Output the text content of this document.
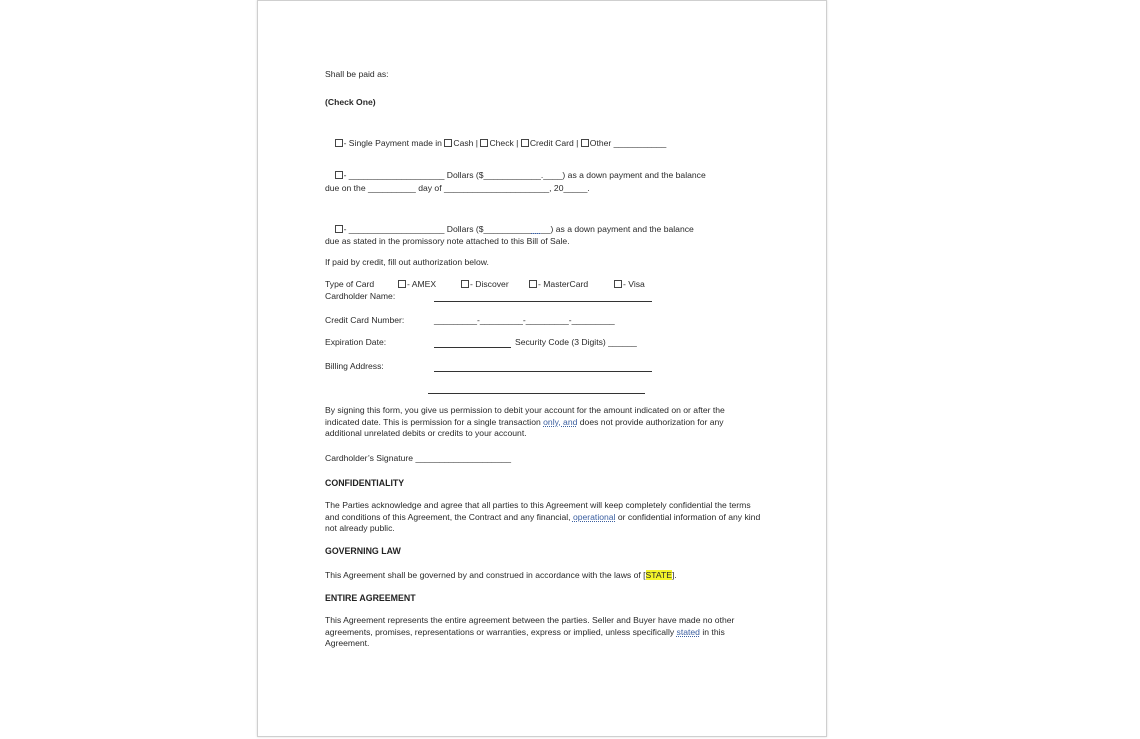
Shall be paid as:
(Check One)

- Single Payment made in Cash | Check | Credit Card | Other ___________

- ____________________ Dollars ($____________.____) as a down payment and the balance

due on the __________ day of ______________________, 20_____.

- ____________________ Dollars ($______________) as a down payment and the balance

due as stated in the promissory note attached to this Bill of Sale.
If paid by credit, fill out authorization below.
Type of Card	- AMEX	- Discover	- MasterCard	- Visa
Cardholder Name:
Credit Card Number:	_________-_________-_________-_________
Expiration Date:	Security Code (3 Digits) ______
Billing Address:
By signing this form, you give us permission to debit your account for the amount indicated on or after the indicated date. This is permission for a single transaction only, and does not provide authorization for any additional unrelated debits or credits to your account.
Cardholder’s Signature ____________________
CONFIDENTIALITY
The Parties acknowledge and agree that all parties to this Agreement will keep completely confidential the terms and conditions of this Agreement, the Contract and any financial, operational or confidential information of any kind not already public.
GOVERNING LAW
This Agreement shall be governed by and construed in accordance with the laws of [STATE].
ENTIRE AGREEMENT
This Agreement represents the entire agreement between the parties. Seller and Buyer have made no other agreements, promises, representations or warranties, express or implied, unless specifically stated in this Agreement.
